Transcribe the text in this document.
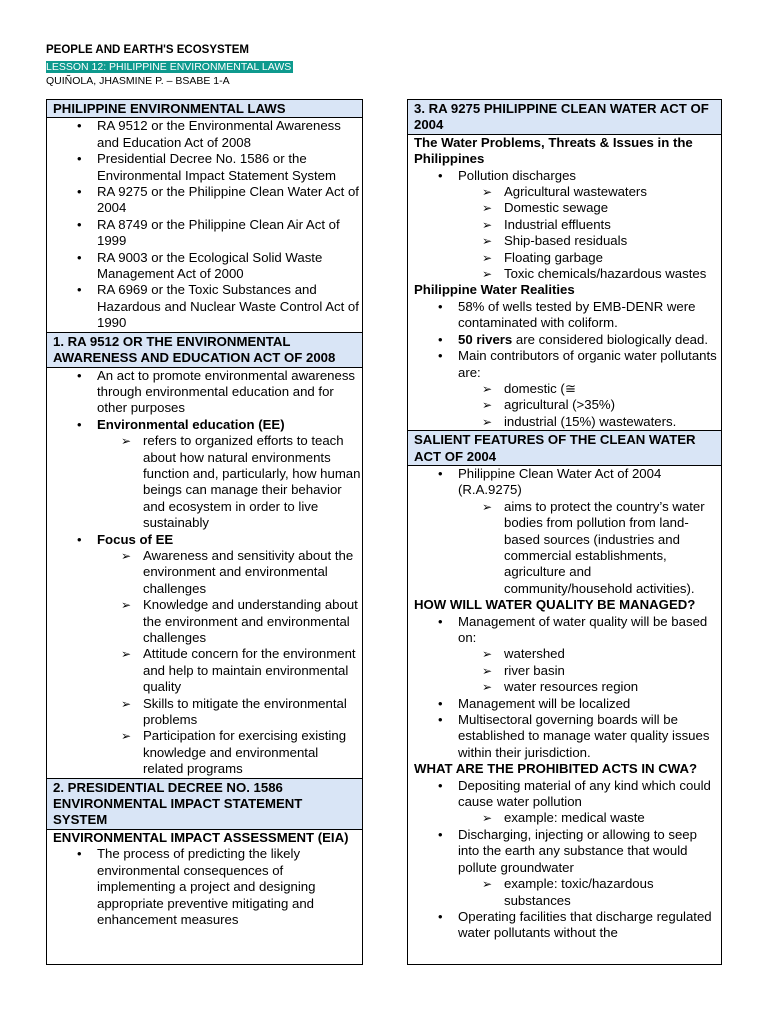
PEOPLE AND EARTH'S ECOSYSTEM
LESSON 12: PHILIPPINE ENVIRONMENTAL LAWS
QUIÑOLA, JHASMINE P. – BSABE 1-A
PHILIPPINE ENVIRONMENTAL LAWS
• RA 9512 or the Environmental Awareness and Education Act of 2008
• Presidential Decree No. 1586 or the Environmental Impact Statement System
• RA 9275 or the Philippine Clean Water Act of 2004
• RA 8749 or the Philippine Clean Air Act of 1999
• RA 9003 or the Ecological Solid Waste Management Act of 2000
• RA 6969 or the Toxic Substances and Hazardous and Nuclear Waste Control Act of 1990
1. RA 9512 OR THE ENVIRONMENTAL AWARENESS AND EDUCATION ACT OF 2008
• An act to promote environmental awareness through environmental education and for other purposes
• Environmental education (EE)
➢ refers to organized efforts to teach about how natural environments function and, particularly, how human beings can manage their behavior and ecosystem in order to live sustainably
• Focus of EE
➢ Awareness and sensitivity about the environment and environmental challenges
➢ Knowledge and understanding about the environment and environmental challenges
➢ Attitude concern for the environment and help to maintain environmental quality
➢ Skills to mitigate the environmental problems
➢ Participation for exercising existing knowledge and environmental related programs
2. PRESIDENTIAL DECREE NO. 1586 ENVIRONMENTAL IMPACT STATEMENT SYSTEM
ENVIRONMENTAL IMPACT ASSESSMENT (EIA)
• The process of predicting the likely environmental consequences of implementing a project and designing appropriate preventive mitigating and enhancement measures
3. RA 9275 PHILIPPINE CLEAN WATER ACT OF 2004
The Water Problems, Threats & Issues in the Philippines
• Pollution discharges
➢ Agricultural wastewaters
➢ Domestic sewage
➢ Industrial effluents
➢ Ship-based residuals
➢ Floating garbage
➢ Toxic chemicals/hazardous wastes
Philippine Water Realities
• 58% of wells tested by EMB-DENR were contaminated with coliform.
• 50 rivers are considered biologically dead.
• Main contributors of organic water pollutants are:
➢ domestic (≅
➢ agricultural (>35%)
➢ industrial (15%) wastewaters.
SALIENT FEATURES OF THE CLEAN WATER ACT OF 2004
• Philippine Clean Water Act of 2004 (R.A.9275)
➢ aims to protect the country’s water bodies from pollution from land-based sources (industries and commercial establishments, agriculture and community/household activities).
HOW WILL WATER QUALITY BE MANAGED?
• Management of water quality will be based on:
➢ watershed
➢ river basin
➢ water resources region
• Management will be localized
• Multisectoral governing boards will be established to manage water quality issues within their jurisdiction.
WHAT ARE THE PROHIBITED ACTS IN CWA?
• Depositing material of any kind which could cause water pollution
➢ example: medical waste
• Discharging, injecting or allowing to seep into the earth any substance that would pollute groundwater
➢ example: toxic/hazardous substances
• Operating facilities that discharge regulated water pollutants without the
